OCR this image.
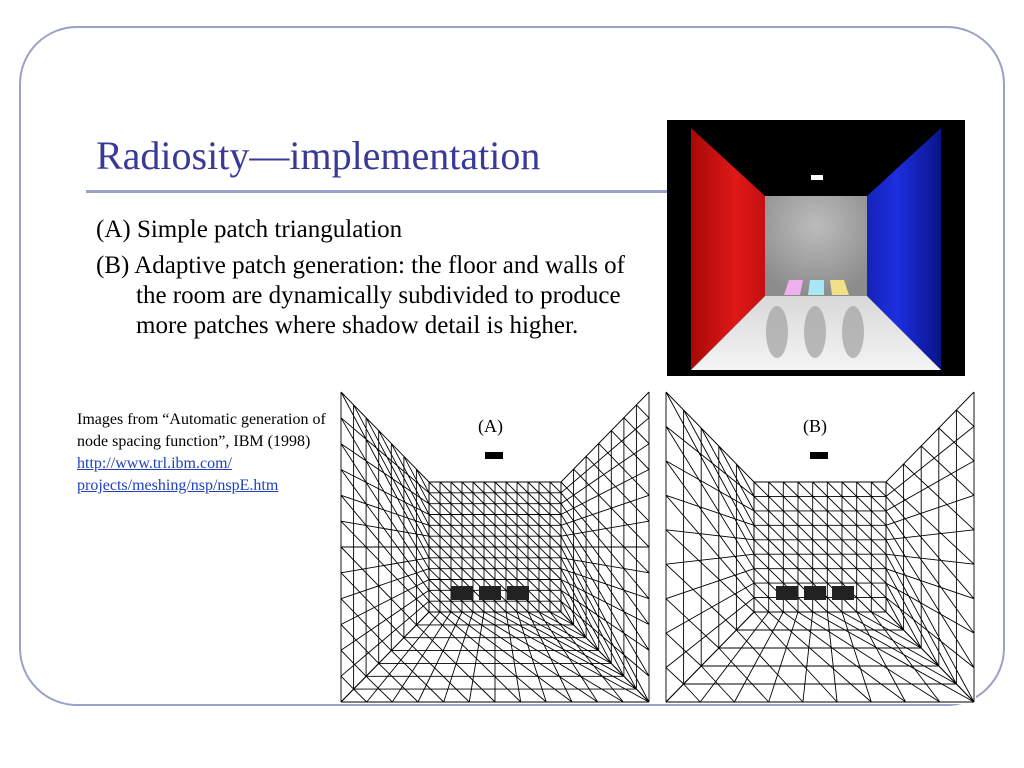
Radiosity—implementation

(A) Simple patch triangulation

(B) Adaptive patch generation: the floor and walls of the room are dynamically subdivided to produce more patches where shadow detail is higher.

(A)	(B)
Images from “Automatic generation of node spacing function”, IBM (1998)
http://www.trl.ibm.com/
projects/meshing/nsp/nspE.htm
